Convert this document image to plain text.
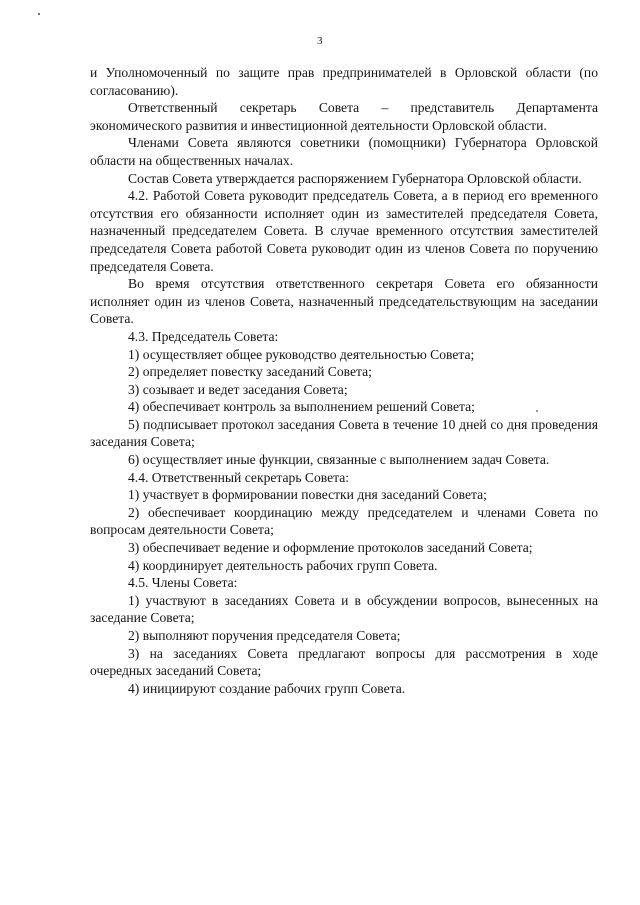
3

и Уполномоченный по защите прав предпринимателей в Орловской области (по согласованию).

Ответственный секретарь Совета – представитель Департамента экономического развития и инвестиционной деятельности Орловской области.

Членами Совета являются советники (помощники) Губернатора Орловской области на общественных началах.

Состав Совета утверждается распоряжением Губернатора Орловской области.

4.2. Работой Совета руководит председатель Совета, а в период его временного отсутствия его обязанности исполняет один из заместителей председателя Совета, назначенный председателем Совета. В случае временного отсутствия заместителей председателя Совета работой Совета руководит один из членов Совета по поручению председателя Совета.

Во время отсутствия ответственного секретаря Совета его обязанности исполняет один из членов Совета, назначенный председательствующим на заседании Совета.

4.3. Председатель Совета:

1) осуществляет общее руководство деятельностью Совета;

2) определяет повестку заседаний Совета;

3) созывает и ведет заседания Совета;

4) обеспечивает контроль за выполнением решений Совета;

5) подписывает протокол заседания Совета в течение 10 дней со дня проведения заседания Совета;

6) осуществляет иные функции, связанные с выполнением задач Совета.

4.4. Ответственный секретарь Совета:

1) участвует в формировании повестки дня заседаний Совета;

2) обеспечивает координацию между председателем и членами Совета по вопросам деятельности Совета;

3) обеспечивает ведение и оформление протоколов заседаний Совета;

4) координирует деятельность рабочих групп Совета.

4.5. Члены Совета:

1) участвуют в заседаниях Совета и в обсуждении вопросов, вынесенных на заседание Совета;

2) выполняют поручения председателя Совета;

3) на заседаниях Совета предлагают вопросы для рассмотрения в ходе очередных заседаний Совета;

4) инициируют создание рабочих групп Совета.
